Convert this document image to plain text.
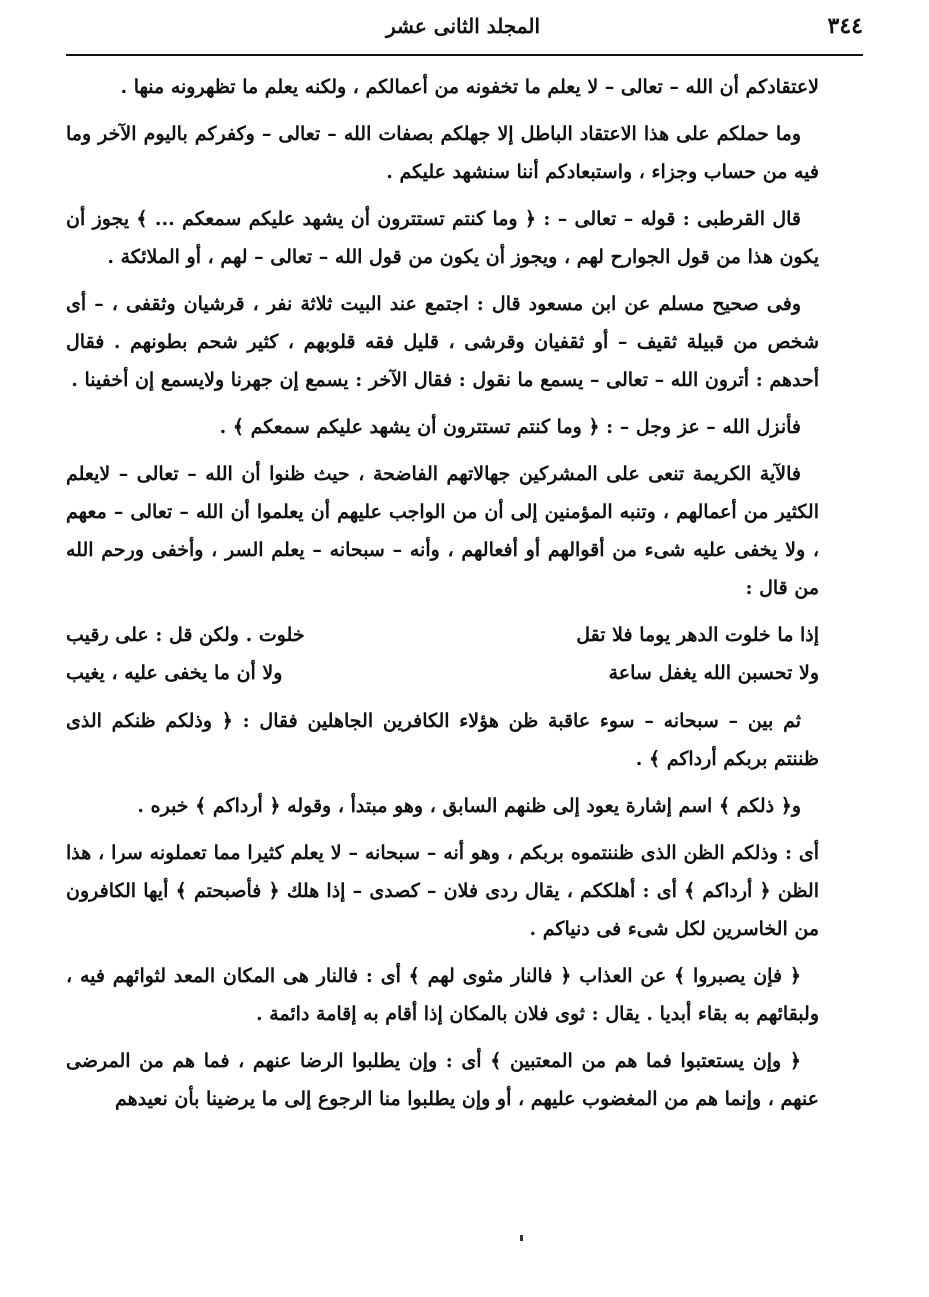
٣٤٤
المجلد الثانى عشر

لاعتقادكم أن الله – تعالى – لا يعلم ما تخفونه من أعمالكم ، ولكنه يعلم ما تظهرونه منها .

وما حملكم على هذا الاعتقاد الباطل إلا جهلكم بصفات الله – تعالى – وكفركم باليوم الآخر وما فيه من حساب وجزاء ، واستبعادكم أننا سنشهد عليكم .

قال القرطبى : قوله – تعالى – : ﴿ وما كنتم تستترون أن يشهد عليكم سمعكم ... ﴾ يجوز أن يكون هذا من قول الجوارح لهم ، ويجوز أن يكون من قول الله – تعالى – لهم ، أو الملائكة .

وفى صحيح مسلم عن ابن مسعود قال : اجتمع عند البيت ثلاثة نفر ، قرشيان وثقفى ، – أى شخص من قبيلة ثقيف – أو ثقفيان وقرشى ، قليل فقه قلوبهم ، كثير شحم بطونهم . فقال أحدهم : أترون الله – تعالى – يسمع ما نقول : فقال الآخر : يسمع إن جهرنا ولايسمع إن أخفينا .

فأنزل الله – عز وجل – : ﴿ وما كنتم تستترون أن يشهد عليكم سمعكم ﴾ .

فالآية الكريمة تنعى على المشركين جهالاتهم الفاضحة ، حيث ظنوا أن الله – تعالى – لايعلم الكثير من أعمالهم ، وتنبه المؤمنين إلى أن من الواجب عليهم أن يعلموا أن الله – تعالى – معهم ، ولا يخفى عليه شىء من أقوالهم أو أفعالهم ، وأنه – سبحانه – يعلم السر ، وأخفى ورحم الله من قال :

إذا ما خلوت الدهر يوما فلا تقل
خلوت . ولكن قل : على رقيب
ولا تحسبن الله يغفل ساعة
ولا أن ما يخفى عليه ، يغيب

ثم بين – سبحانه – سوء عاقبة ظن هؤلاء الكافرين الجاهلين فقال : ﴿ وذلكم ظنكم الذى ظننتم بربكم أرداكم ﴾ .

و﴿ ذلكم ﴾ اسم إشارة يعود إلى ظنهم السابق ، وهو مبتدأ ، وقوله ﴿ أرداكم ﴾ خبره .

أى : وذلكم الظن الذى ظننتموه بربكم ، وهو أنه – سبحانه – لا يعلم كثيرا مما تعملونه سرا ، هذا الظن ﴿ أرداكم ﴾ أى : أهلككم ، يقال ردى فلان – كصدى – إذا هلك ﴿ فأصبحتم ﴾ أيها الكافرون من الخاسرين لكل شىء فى دنياكم .

﴿ فإن يصبروا ﴾ عن العذاب ﴿ فالنار مثوى لهم ﴾ أى : فالنار هى المكان المعد لثوائهم فيه ، ولبقائهم به بقاء أبديا . يقال : ثوى فلان بالمكان إذا أقام به إقامة دائمة .

﴿ وإن يستعتبوا فما هم من المعتبين ﴾ أى : وإن يطلبوا الرضا عنهم ، فما هم من المرضى عنهم ، وإنما هم من المغضوب عليهم ، أو وإن يطلبوا منا الرجوع إلى ما يرضينا بأن نعيدهم
